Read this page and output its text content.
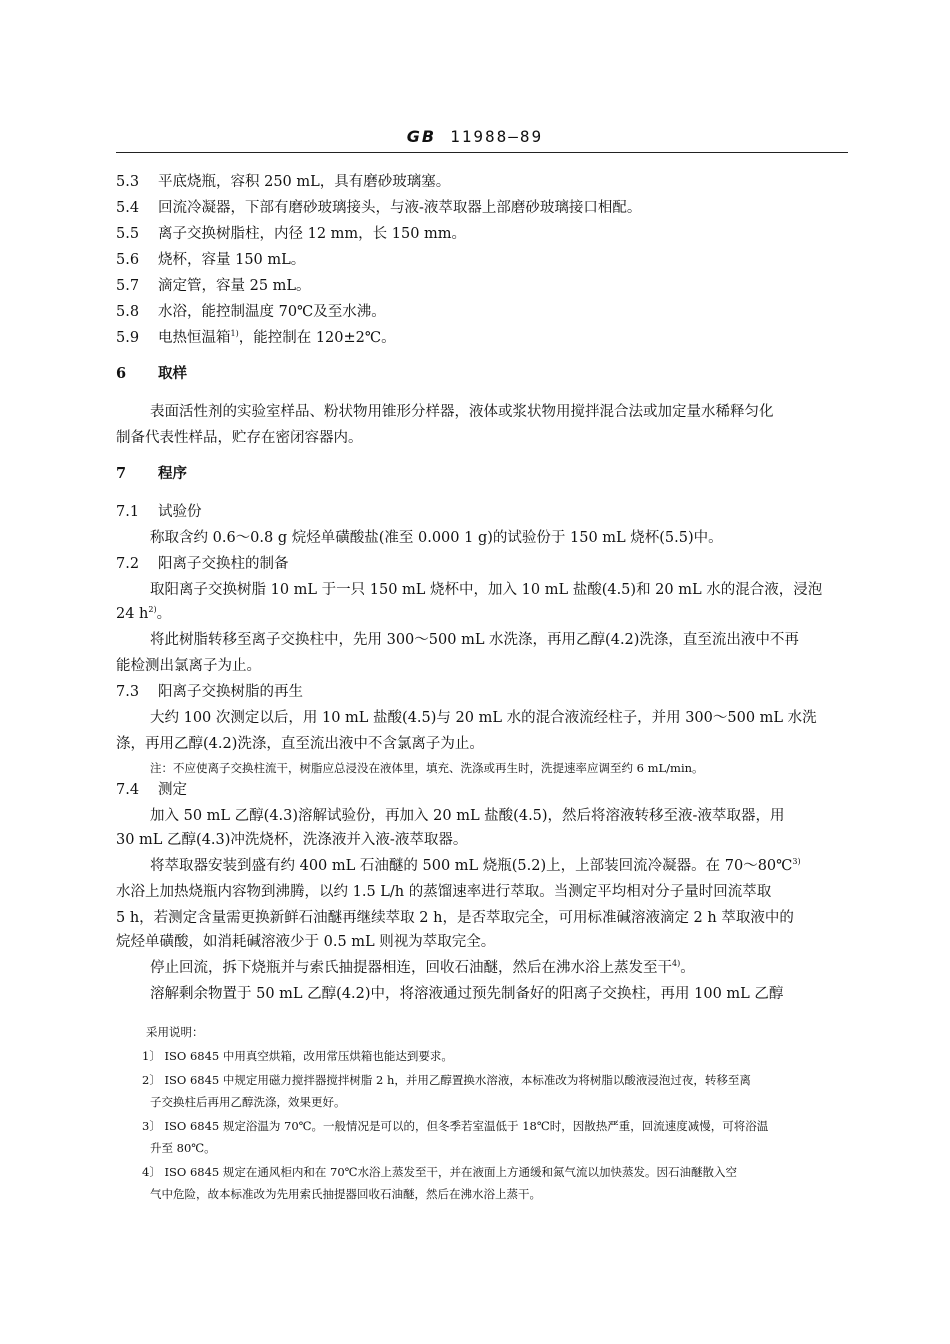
GB 11988—89
5.3 平底烧瓶，容积 250 mL，具有磨砂玻璃塞。
5.4 回流冷凝器，下部有磨砂玻璃接头，与液-液萃取器上部磨砂玻璃接口相配。
5.5 离子交换树脂柱，内径 12 mm，长 150 mm。
5.6 烧杯，容量 150 mL。
5.7 滴定管，容量 25 mL。
5.8 水浴，能控制温度 70℃及至水沸。
5.9 电热恒温箱$^{1)}$，能控制在 120±2℃。
6 取样
表面活性剂的实验室样品、粉状物用锥形分样器，液体或浆状物用搅拌混合法或加定量水稀释匀化
制备代表性样品，贮存在密闭容器内。
7 程序
7.1 试验份
称取含约 0.6～0.8 g 烷烃单磺酸盐(准至 0.000 1 g)的试验份于 150 mL 烧杯(5.5)中。
7.2 阳离子交换柱的制备
取阳离子交换树脂 10 mL 于一只 150 mL 烧杯中，加入 10 mL 盐酸(4.5)和 20 mL 水的混合液，浸泡
24 $h^{2)}$。
将此树脂转移至离子交换柱中，先用 300～500 mL 水洗涤，再用乙醇(4.2)洗涤，直至流出液中不再
能检测出氯离子为止。
7.3 阳离子交换树脂的再生
大约 100 次测定以后，用 10 mL 盐酸(4.5)与 20 mL 水的混合液流经柱子，并用 300～500 mL 水洗
涤，再用乙醇(4.2)洗涤，直至流出液中不含氯离子为止。
注：不应使离子交换柱流干，树脂应总浸没在液体里，填充、洗涤或再生时，洗提速率应调至约 6 mL/min。
7.4 测定
加入 50 mL 乙醇(4.3)溶解试验份，再加入 20 mL 盐酸(4.5)，然后将溶液转移至液-液萃取器，用
30 mL 乙醇(4.3)冲洗烧杯，洗涤液并入液-液萃取器。
将萃取器安装到盛有约 400 mL 石油醚的 500 mL 烧瓶(5.2)上，上部装回流冷凝器。在 70～80℃$^{3)}$
水浴上加热烧瓶内容物到沸腾，以约 1.5 L/h 的蒸馏速率进行萃取。当测定平均相对分子量时回流萃取
5 h，若测定含量需更换新鲜石油醚再继续萃取 2 h，是否萃取完全，可用标准碱溶液滴定 2 h 萃取液中的
烷烃单磺酸，如消耗碱溶液少于 0.5 mL 则视为萃取完全。
停止回流，拆下烧瓶并与索氏抽提器相连，回收石油醚，然后在沸水浴上蒸发至干$^{4)}$。
溶解剩余物置于 50 mL 乙醇(4.2)中，将溶液通过预先制备好的阳离子交换柱，再用 100 mL 乙醇
采用说明：
1〕 ISO 6845 中用真空烘箱，改用常压烘箱也能达到要求。
2〕 ISO 6845 中规定用磁力搅拌器搅拌树脂 2 h，并用乙醇置换水溶液，本标准改为将树脂以酸液浸泡过夜，转移至离
子交换柱后再用乙醇洗涤，效果更好。
3〕 ISO 6845 规定浴温为 70℃。一般情况是可以的，但冬季若室温低于 18℃时，因散热严重，回流速度减慢，可将浴温
升至 80℃。
4〕 ISO 6845 规定在通风柜内和在 70℃水浴上蒸发至干，并在液面上方通缓和氮气流以加快蒸发。因石油醚散入空
气中危险，故本标准改为先用索氏抽提器回收石油醚，然后在沸水浴上蒸干。
